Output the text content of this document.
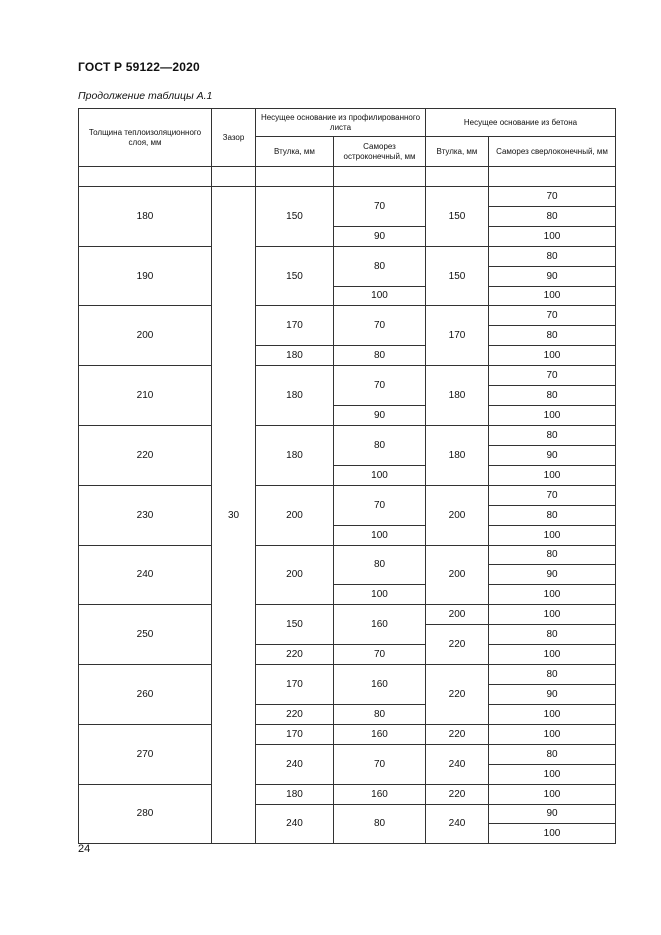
ГОСТ Р 59122—2020
Продолжение таблицы А.1
Толщина теплоизоляционного слоя, мм	Зазор	Несущее основание из профилированного листа		Несущее основание из бетона	
		Втулка, мм	Саморез остроконечный, мм	Втулка, мм	Саморез сверлоконечный, мм

180	30	150	70	150	70
					80
			90		100
190		150	80	150	80
					90
			100		100
200		170	70	170	70
					80
		180	80		100
210		180	70	180	70
					80
			90		100
220		180	80	180	80
					90
			100		100
230		200	70	200	70
					80
			100		100
240		200	80	200	80
					90
			100		100
250		150	160	200	100
				220	80
		220	70		100
260		170	160	220	80
					90
		220	80		100
270		170	160	220	100
		240	70	240	80
					100
280		180	160	220	100
		240	80	240	90
					100
24
